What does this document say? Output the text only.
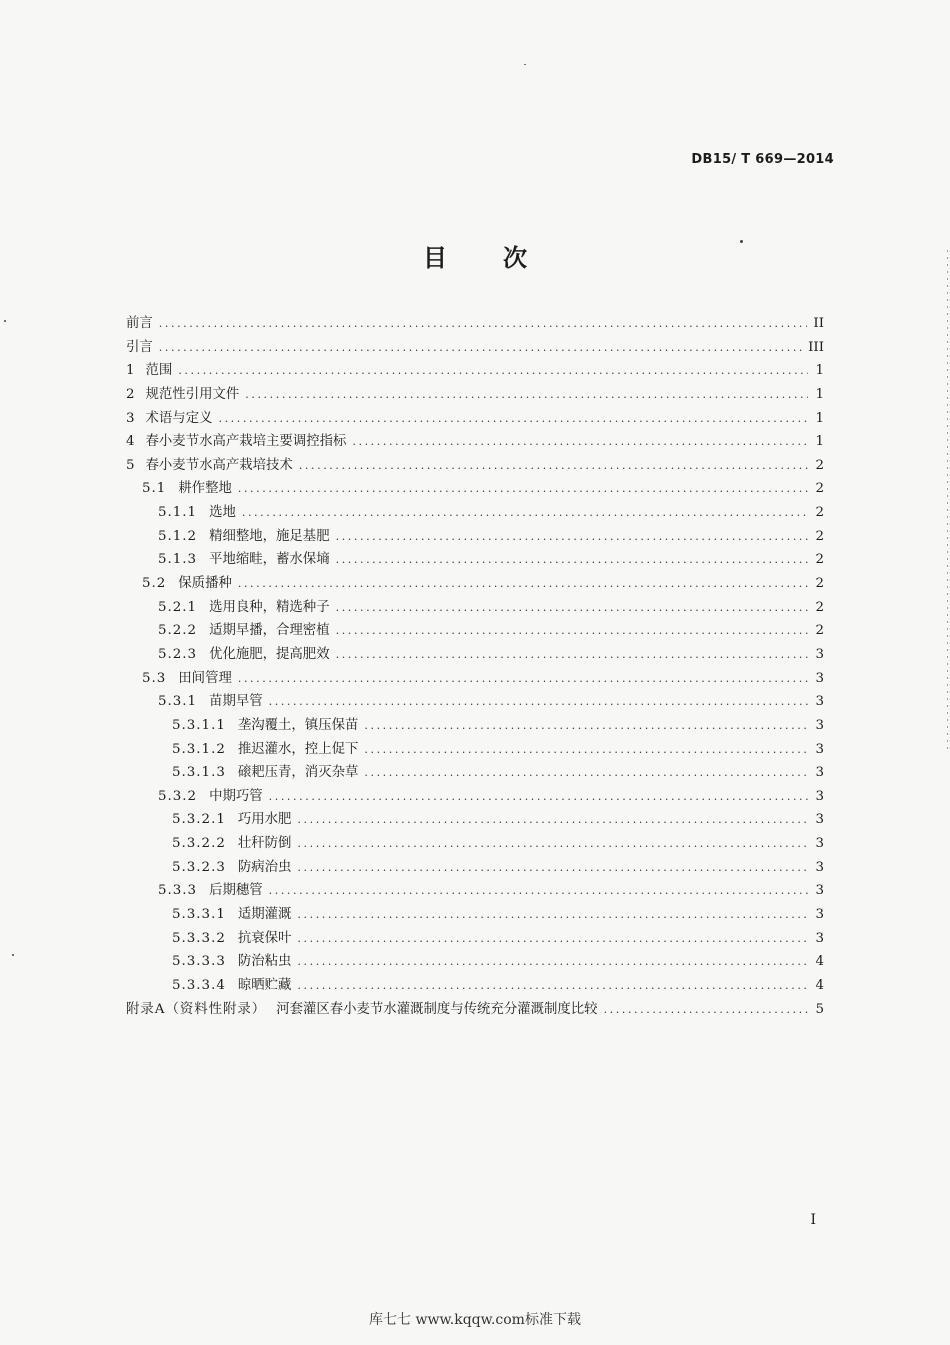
DB15/ T 669—2014
目 次
前言 .....	II
引言 .....	III
1 范围 .....	1
2 规范性引用文件 .....	1
3 术语与定义 .....	1
4 春小麦节水高产栽培主要调控指标 .....	1
5 春小麦节水高产栽培技术 .....	2
5.1 耕作整地 .....	2
5.1.1 选地 .....	2
5.1.2 精细整地，施足基肥 .....	2
5.1.3 平地缩畦，蓄水保墒 .....	2
5.2 保质播种 .....	2
5.2.1 选用良种，精选种子 .....	2
5.2.2 适期早播，合理密植 .....	2
5.2.3 优化施肥，提高肥效 .....	3
5.3 田间管理 .....	3
5.3.1 苗期早管 .....	3
5.3.1.1 垄沟覆土，镇压保苗 .....	3
5.3.1.2 推迟灌水，控上促下 .....	3
5.3.1.3 磙耙压青，消灭杂草 .....	3
5.3.2 中期巧管 .....	3
5.3.2.1 巧用水肥 .....	3
5.3.2.2 壮秆防倒 .....	3
5.3.2.3 防病治虫 .....	3
5.3.3 后期穗管 .....	3
5.3.3.1 适期灌溉 .....	3
5.3.3.2 抗衰保叶 .....	3
5.3.3.3 防治粘虫 .....	4
5.3.3.4 晾晒贮藏 .....	4
附录A（资料性附录） 河套灌区春小麦节水灌溉制度与传统充分灌溉制度比较 .....	5
I
库七七 www.kqqw.com标准下载
